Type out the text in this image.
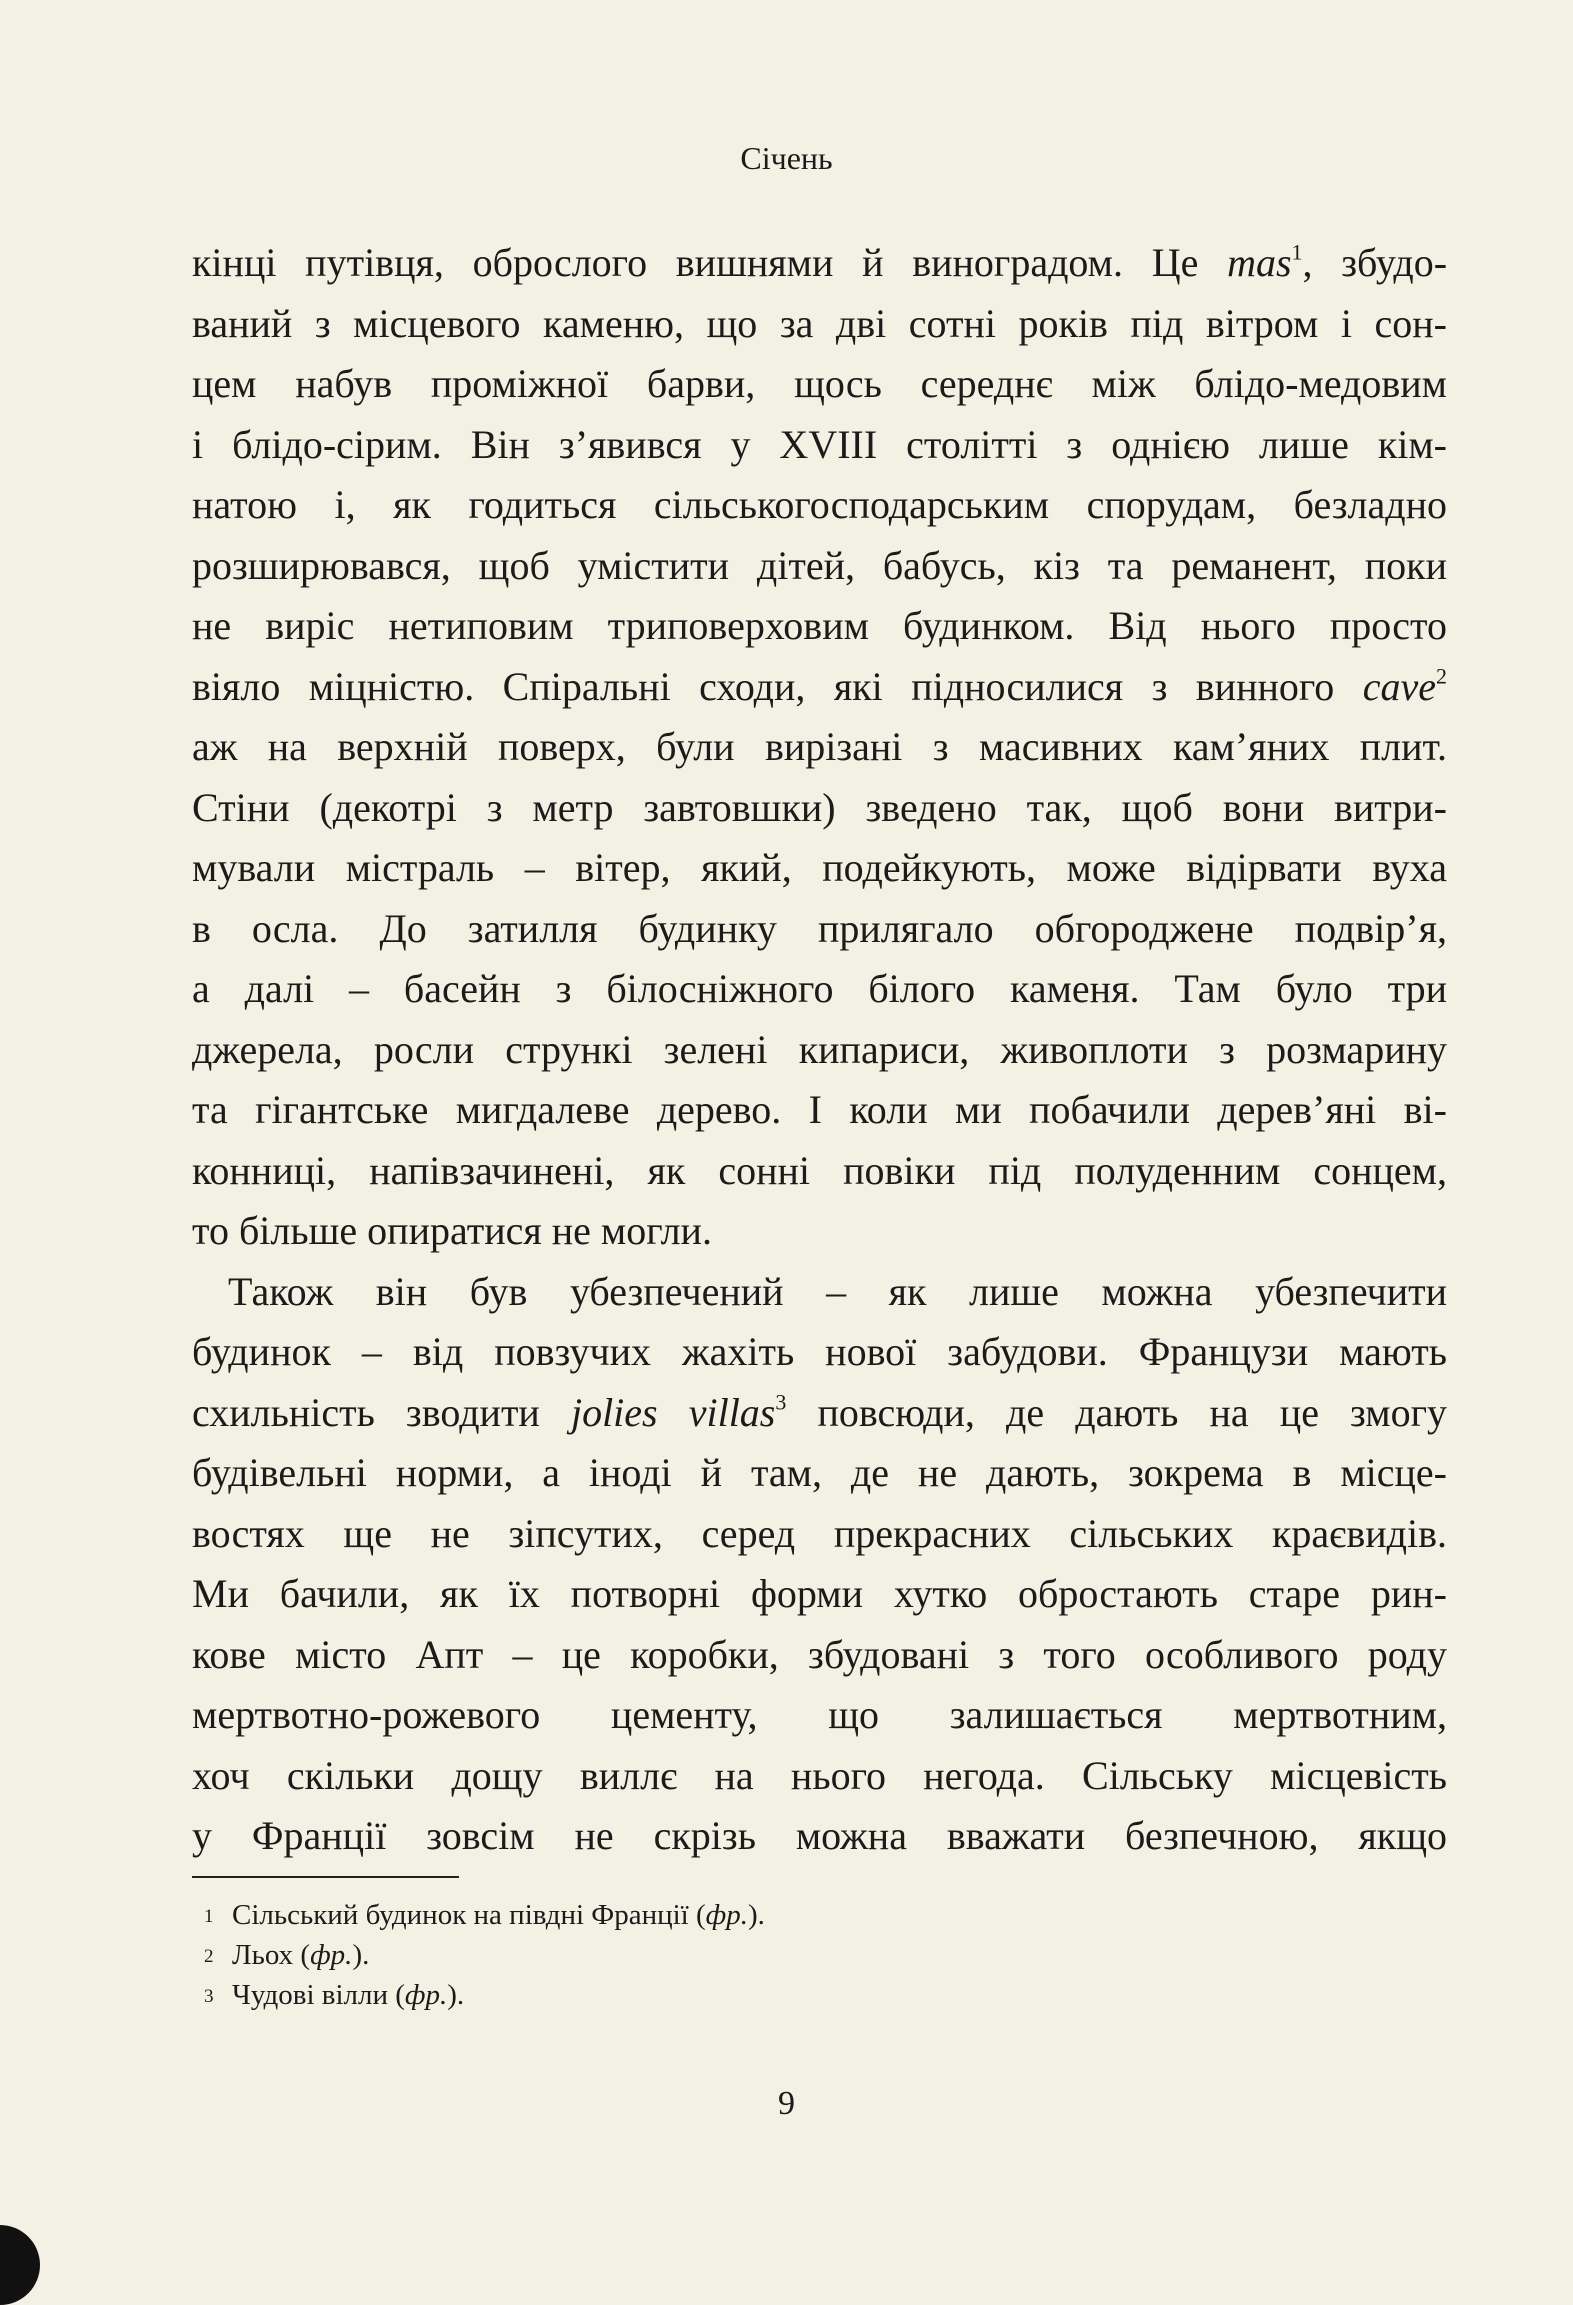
Січень
кінці путівця, оброслого вишнями й виноградом. Це mas$^1$, збудо-
ваний з місцевого каменю, що за дві сотні років під вітром і сон-
цем набув проміжної барви, щось середнє між блідо-медовим
і блідо-сірим. Він з’явився у XVIII столітті з однією лише кім-
натою і, як годиться сільськогосподарським спорудам, безладно
розширювався, щоб умістити дітей, бабусь, кіз та реманент, поки
не виріс нетиповим триповерховим будинком. Від нього просто
віяло міцністю. Спіральні сходи, які підносилися з винного cave$^2$
аж на верхній поверх, були вирізані з масивних кам’яних плит.
Стіни (декотрі з метр завтовшки) зведено так, щоб вони витри-
мували містраль – вітер, який, подейкують, може відірвати вуха
в осла. До затилля будинку прилягало обгороджене подвір’я,
а далі – басейн з білосніжного білого каменя. Там було три
джерела, росли стрункі зелені кипариси, живоплоти з розмарину
та гігантське мигдалеве дерево. І коли ми побачили дерев’яні ві-
конниці, напівзачинені, як сонні повіки під полуденним сонцем,
то більше опиратися не могли.
Також він був убезпечений – як лише можна убезпечити
будинок – від повзучих жахіть нової забудови. Французи мають
схильність зводити jolies villas$^3$ повсюди, де дають на це змогу
будівельні норми, а іноді й там, де не дають, зокрема в місце-
востях ще не зіпсутих, серед прекрасних сільських краєвидів.
Ми бачили, як їх потворні форми хутко обростають старе рин-
кове місто Апт – це коробки, збудовані з того особливого роду
мертвотно-рожевого цементу, що залишається мертвотним,
хоч скільки дощу виллє на нього негода. Сільську місцевість
у Франції зовсім не скрізь можна вважати безпечною, якщо
1 Сільський будинок на півдні Франції (фр.).
2 Льох (фр.).
3 Чудові вілли (фр.).
9
